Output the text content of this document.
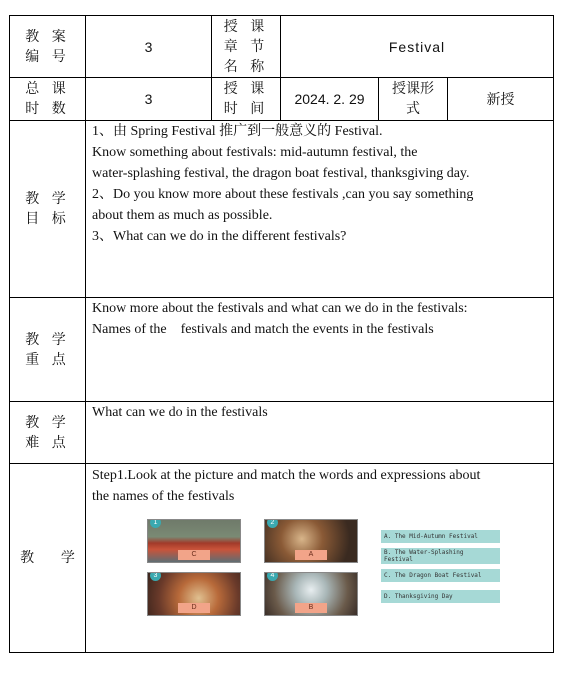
教 案 编 号
3
授 课 章 节 名 称
Festival
总 课 时 数
3
授 课 时 间
2024. 2. 29
授课形 式
新授
教 学 目 标

1、由 Spring Festival 推广到一般意义的 Festival.

Know something about festivals: mid-autumn festival, the

water-splashing festival, the dragon boat festival, thanksgiving day.

2、Do you know more about these festivals ,can you say something

about them as much as possible.

3、What can we do in the different festivals?

教 学 重 点

Know more about the festivals and what can we do in the festivals:

Names of the    festivals and match the events in the festivals

教 学 难 点

What can we do in the festivals

教      学

Step1.Look at the picture and match the words and expressions about

the names of the festivals

1
C
2
A
3
D
4
B
A. The Mid-Autumn Festival
B. The Water-Splashing
Festival
C. The Dragon Boat Festival
D. Thanksgiving Day
